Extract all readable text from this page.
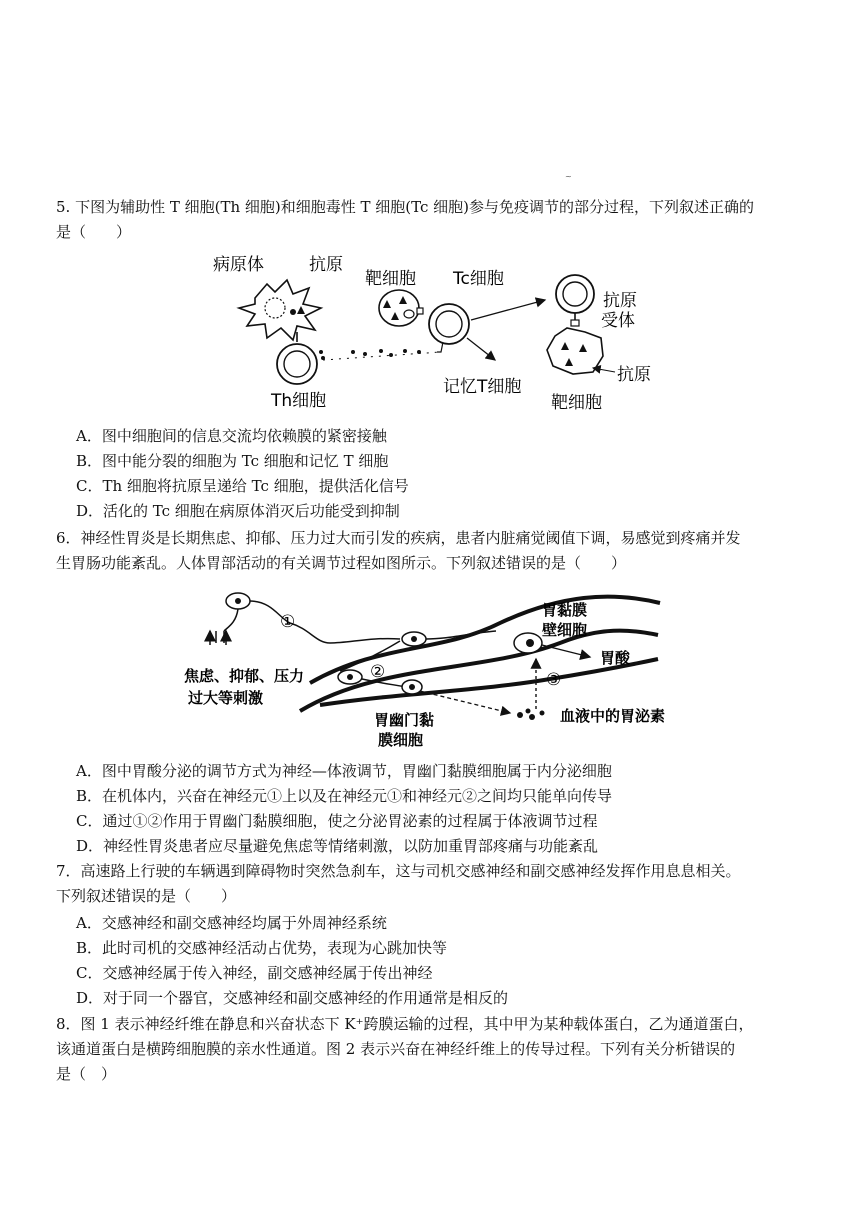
~
5. 下图为辅助性 T 细胞(Th 细胞)和细胞毒性 T 细胞(Tc 细胞)参与免疫调节的部分过程，下列叙述正确的
是（　　）
病原体	抗原
靶细胞 Tc细胞
抗原
受体
Th细胞
记忆T细胞
抗原
靶细胞
A．图中细胞间的信息交流均依赖膜的紧密接触
B．图中能分裂的细胞为 Tc 细胞和记忆 T 细胞
C．Th 细胞将抗原呈递给 Tc 细胞，提供活化信号
D．活化的 Tc 细胞在病原体消灭后功能受到抑制
6．神经性胃炎是长期焦虑、抑郁、压力过大而引发的疾病，患者内脏痛觉阈值下调，易感觉到疼痛并发
生胃肠功能紊乱。人体胃部活动的有关调节过程如图所示。下列叙述错误的是（　　）
①
②	③
焦虑、抑郁、压力
过大等刺激
胃黏膜
壁细胞
胃酸
胃幽门黏
膜细胞
血液中的胃泌素
A．图中胃酸分泌的调节方式为神经—体液调节，胃幽门黏膜细胞属于内分泌细胞
B．在机体内，兴奋在神经元①上以及在神经元①和神经元②之间均只能单向传导
C．通过①②作用于胃幽门黏膜细胞，使之分泌胃泌素的过程属于体液调节过程
D．神经性胃炎患者应尽量避免焦虑等情绪刺激，以防加重胃部疼痛与功能紊乱
7．高速路上行驶的车辆遇到障碍物时突然急刹车，这与司机交感神经和副交感神经发挥作用息息相关。
下列叙述错误的是（　　）
A．交感神经和副交感神经均属于外周神经系统
B．此时司机的交感神经活动占优势，表现为心跳加快等
C．交感神经属于传入神经，副交感神经属于传出神经
D．对于同一个器官，交感神经和副交感神经的作用通常是相反的
8．图 1 表示神经纤维在静息和兴奋状态下 K⁺跨膜运输的过程，其中甲为某种载体蛋白，乙为通道蛋白，
该通道蛋白是横跨细胞膜的亲水性通道。图 2 表示兴奋在神经纤维上的传导过程。下列有关分析错误的
是（　）
